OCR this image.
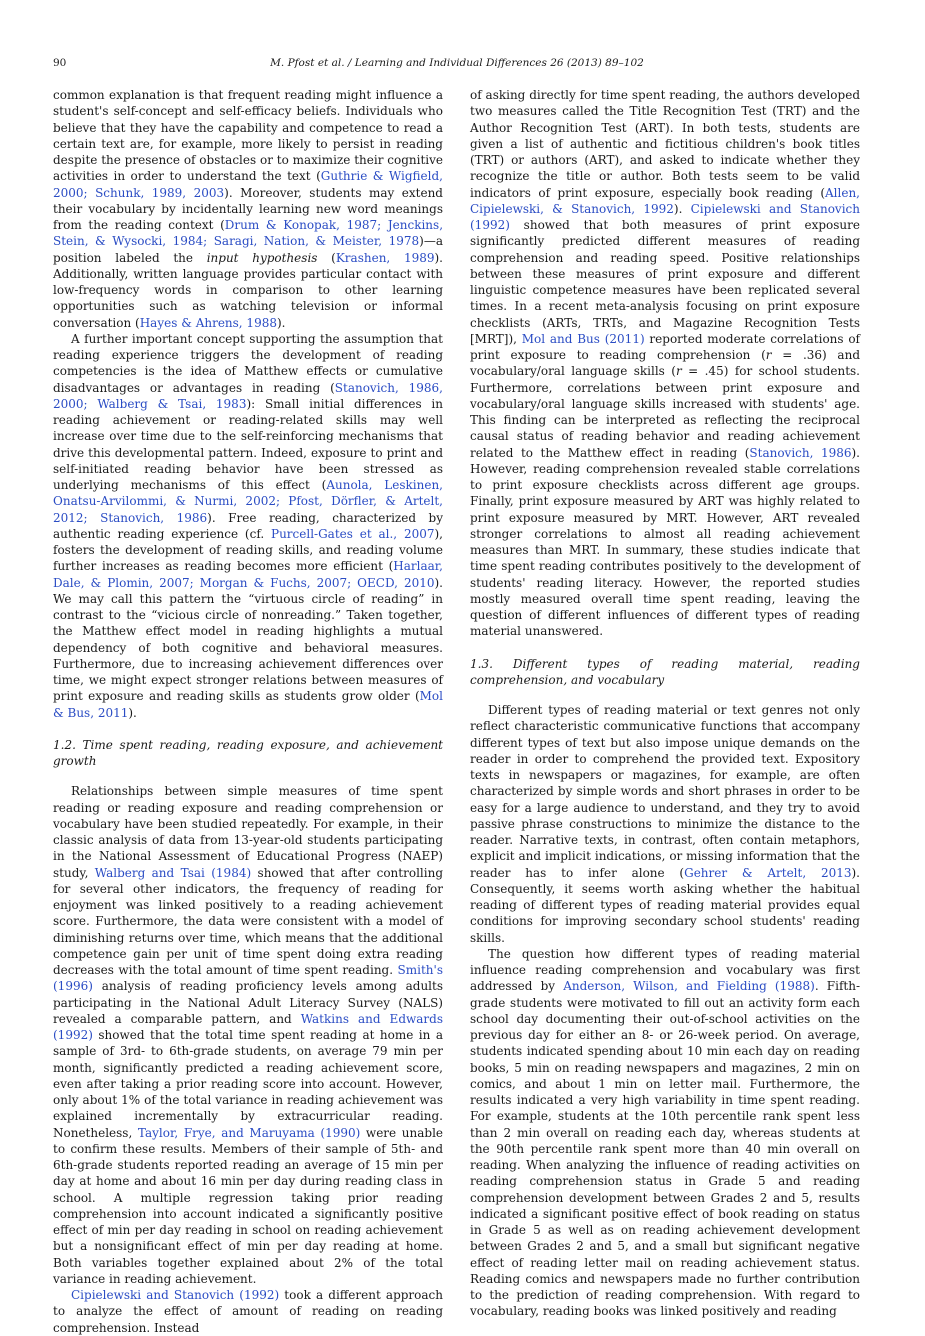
90	M. Pfost et al. / Learning and Individual Differences 26 (2013) 89–102

common explanation is that frequent reading might influence a student's self-concept and self-efficacy beliefs. Individuals who believe that they have the capability and competence to read a certain text are, for example, more likely to persist in reading despite the presence of obstacles or to maximize their cognitive activities in order to understand the text (Guthrie & Wigfield, 2000; Schunk, 1989, 2003). Moreover, students may extend their vocabulary by incidentally learning new word meanings from the reading context (Drum & Konopak, 1987; Jenckins, Stein, & Wysocki, 1984; Saragi, Nation, & Meister, 1978)—a position labeled the input hypothesis (Krashen, 1989). Additionally, written language provides particular contact with low-frequency words in comparison to other learning opportunities such as watching television or informal conversation (Hayes & Ahrens, 1988).

A further important concept supporting the assumption that reading experience triggers the development of reading competencies is the idea of Matthew effects or cumulative disadvantages or advantages in reading (Stanovich, 1986, 2000; Walberg & Tsai, 1983): Small initial differences in reading achievement or reading-related skills may well increase over time due to the self-reinforcing mechanisms that drive this developmental pattern. Indeed, exposure to print and self-initiated reading behavior have been stressed as underlying mechanisms of this effect (Aunola, Leskinen, Onatsu-Arvilommi, & Nurmi, 2002; Pfost, Dörfler, & Artelt, 2012; Stanovich, 1986). Free reading, characterized by authentic reading experience (cf. Purcell-Gates et al., 2007), fosters the development of reading skills, and reading volume further increases as reading becomes more efficient (Harlaar, Dale, & Plomin, 2007; Morgan & Fuchs, 2007; OECD, 2010). We may call this pattern the “virtuous circle of reading” in contrast to the “vicious circle of nonreading.” Taken together, the Matthew effect model in reading highlights a mutual dependency of both cognitive and behavioral measures. Furthermore, due to increasing achievement differences over time, we might expect stronger relations between measures of print exposure and reading skills as students grow older (Mol & Bus, 2011).

1.2. Time spent reading, reading exposure, and achievement growth

Relationships between simple measures of time spent reading or reading exposure and reading comprehension or vocabulary have been studied repeatedly. For example, in their classic analysis of data from 13-year-old students participating in the National Assessment of Educational Progress (NAEP) study, Walberg and Tsai (1984) showed that after controlling for several other indicators, the frequency of reading for enjoyment was linked positively to a reading achievement score. Furthermore, the data were consistent with a model of diminishing returns over time, which means that the additional competence gain per unit of time spent doing extra reading decreases with the total amount of time spent reading. Smith's (1996) analysis of reading proficiency levels among adults participating in the National Adult Literacy Survey (NALS) revealed a comparable pattern, and Watkins and Edwards (1992) showed that the total time spent reading at home in a sample of 3rd- to 6th-grade students, on average 79 min per month, significantly predicted a reading achievement score, even after taking a prior reading score into account. However, only about 1% of the total variance in reading achievement was explained incrementally by extracurricular reading. Nonetheless, Taylor, Frye, and Maruyama (1990) were unable to confirm these results. Members of their sample of 5th- and 6th-grade students reported reading an average of 15 min per day at home and about 16 min per day during reading class in school. A multiple regression taking prior reading comprehension into account indicated a significantly positive effect of min per day reading in school on reading achievement but a nonsignificant effect of min per day reading at home. Both variables together explained about 2% of the total variance in reading achievement.

Cipielewski and Stanovich (1992) took a different approach to analyze the effect of amount of reading on reading comprehension. Instead

of asking directly for time spent reading, the authors developed two measures called the Title Recognition Test (TRT) and the Author Recognition Test (ART). In both tests, students are given a list of authentic and fictitious children's book titles (TRT) or authors (ART), and asked to indicate whether they recognize the title or author. Both tests seem to be valid indicators of print exposure, especially book reading (Allen, Cipielewski, & Stanovich, 1992). Cipielewski and Stanovich (1992) showed that both measures of print exposure significantly predicted different measures of reading comprehension and reading speed. Positive relationships between these measures of print exposure and different linguistic competence measures have been replicated several times. In a recent meta-analysis focusing on print exposure checklists (ARTs, TRTs, and Magazine Recognition Tests [MRT]), Mol and Bus (2011) reported moderate correlations of print exposure to reading comprehension (r = .36) and vocabulary/oral language skills (r = .45) for school students. Furthermore, correlations between print exposure and vocabulary/oral language skills increased with students' age. This finding can be interpreted as reflecting the reciprocal causal status of reading behavior and reading achievement related to the Matthew effect in reading (Stanovich, 1986). However, reading comprehension revealed stable correlations to print exposure checklists across different age groups. Finally, print exposure measured by ART was highly related to print exposure measured by MRT. However, ART revealed stronger correlations to almost all reading achievement measures than MRT. In summary, these studies indicate that time spent reading contributes positively to the development of students' reading literacy. However, the reported studies mostly measured overall time spent reading, leaving the question of different influences of different types of reading material unanswered.

1.3. Different types of reading material, reading comprehension, and vocabulary

Different types of reading material or text genres not only reflect characteristic communicative functions that accompany different types of text but also impose unique demands on the reader in order to comprehend the provided text. Expository texts in newspapers or magazines, for example, are often characterized by simple words and short phrases in order to be easy for a large audience to understand, and they try to avoid passive phrase constructions to minimize the distance to the reader. Narrative texts, in contrast, often contain metaphors, explicit and implicit indications, or missing information that the reader has to infer alone (Gehrer & Artelt, 2013). Consequently, it seems worth asking whether the habitual reading of different types of reading material provides equal conditions for improving secondary school students' reading skills.

The question how different types of reading material influence reading comprehension and vocabulary was first addressed by Anderson, Wilson, and Fielding (1988). Fifth-grade students were motivated to fill out an activity form each school day documenting their out-of-school activities on the previous day for either an 8- or 26-week period. On average, students indicated spending about 10 min each day on reading books, 5 min on reading newspapers and magazines, 2 min on comics, and about 1 min on letter mail. Furthermore, the results indicated a very high variability in time spent reading. For example, students at the 10th percentile rank spent less than 2 min overall on reading each day, whereas students at the 90th percentile rank spent more than 40 min overall on reading. When analyzing the influence of reading activities on reading comprehension status in Grade 5 and reading comprehension development between Grades 2 and 5, results indicated a significant positive effect of book reading on status in Grade 5 as well as on reading achievement development between Grades 2 and 5, and a small but significant negative effect of reading letter mail on reading achievement status. Reading comics and newspapers made no further contribution to the prediction of reading comprehension. With regard to vocabulary, reading books was linked positively and reading
